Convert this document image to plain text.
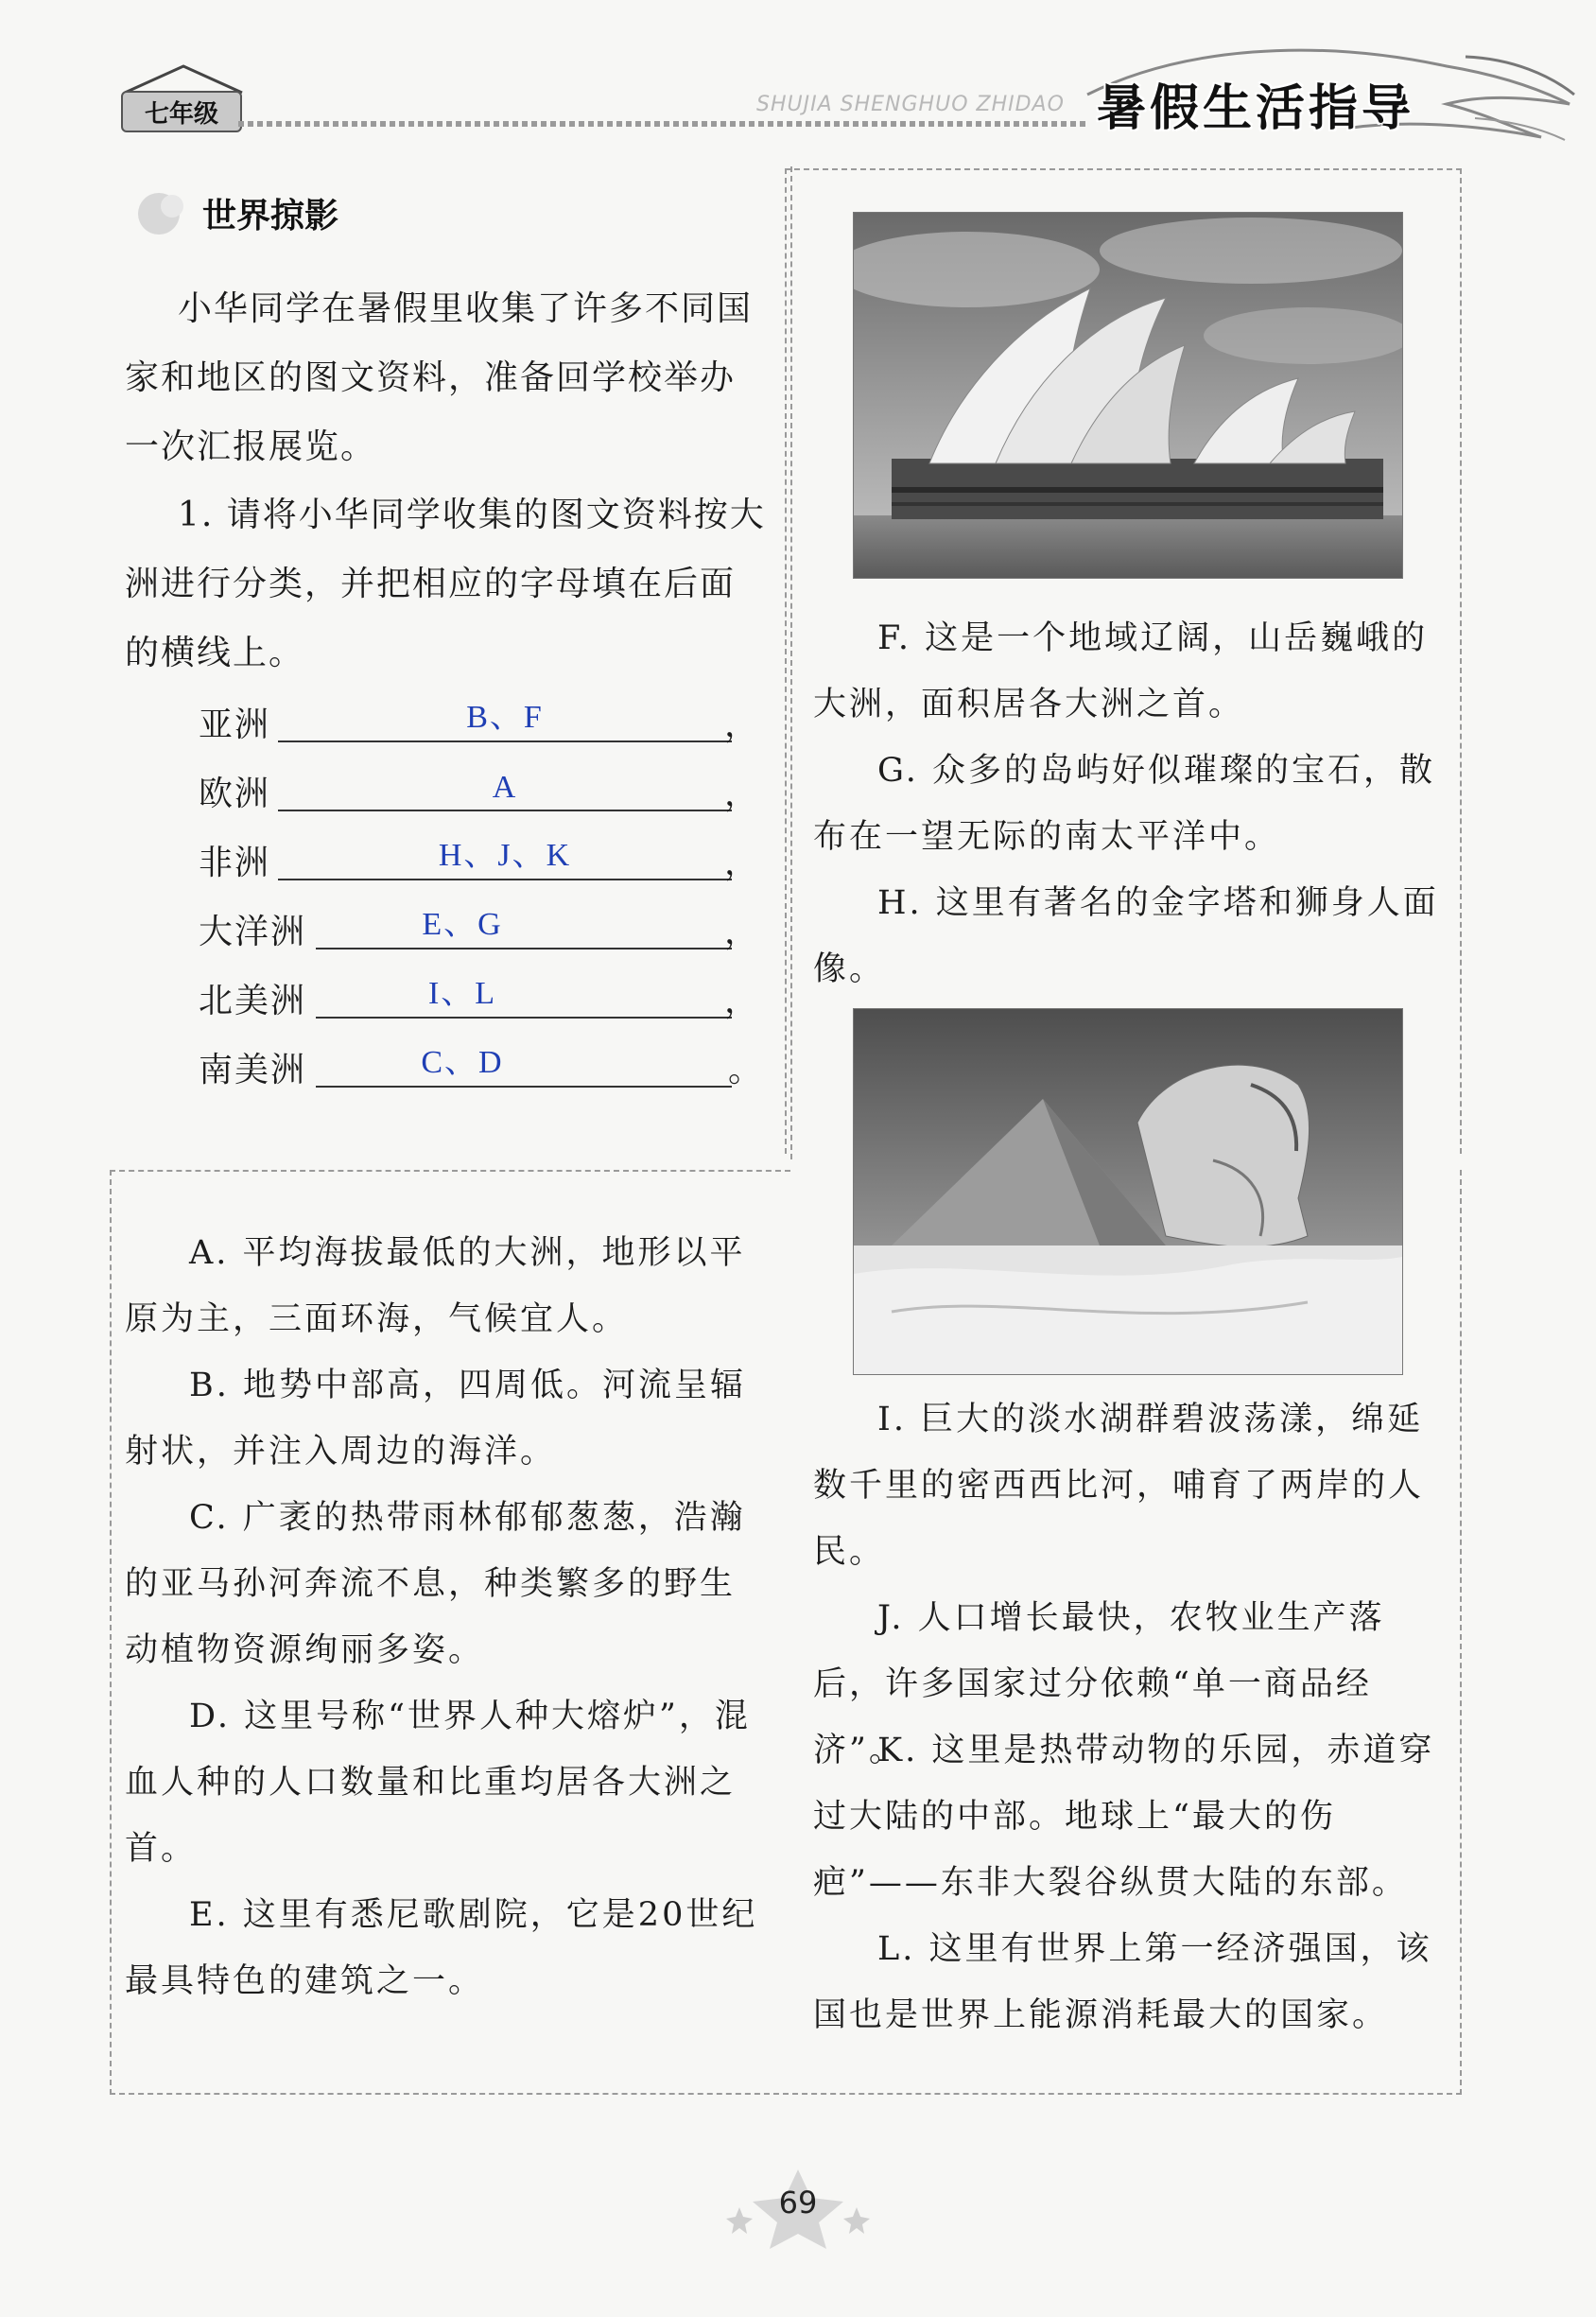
七年级	SHUJIA SHENGHUO ZHIDAO 暑假生活指导
世界掠影
小华同学在暑假里收集了许多不同国家和地区的图文资料，准备回学校举办一次汇报展览。
1. 请将小华同学收集的图文资料按大洲进行分类，并把相应的字母填在后面的横线上。
亚洲	B、F	，
欧洲	A	，
非洲	H、J、K	，
大洋洲	E、G	，
北美洲	I、L	，
南美洲	C、D	。
F. 这是一个地域辽阔，山岳巍峨的大洲，面积居各大洲之首。
G. 众多的岛屿好似璀璨的宝石，散布在一望无际的南太平洋中。
H. 这里有著名的金字塔和狮身人面像。
I. 巨大的淡水湖群碧波荡漾，绵延数千里的密西西比河，哺育了两岸的人民。
J. 人口增长最快，农牧业生产落后，许多国家过分依赖“单一商品经济”。
K. 这里是热带动物的乐园，赤道穿过大陆的中部。地球上“最大的伤疤”——东非大裂谷纵贯大陆的东部。
L. 这里有世界上第一经济强国，该国也是世界上能源消耗最大的国家。
A. 平均海拔最低的大洲，地形以平原为主，三面环海，气候宜人。
B. 地势中部高，四周低。河流呈辐射状，并注入周边的海洋。
C. 广袤的热带雨林郁郁葱葱，浩瀚的亚马孙河奔流不息，种类繁多的野生动植物资源绚丽多姿。
D. 这里号称“世界人种大熔炉”，混血人种的人口数量和比重均居各大洲之首。
E. 这里有悉尼歌剧院，它是20世纪最具特色的建筑之一。
69
